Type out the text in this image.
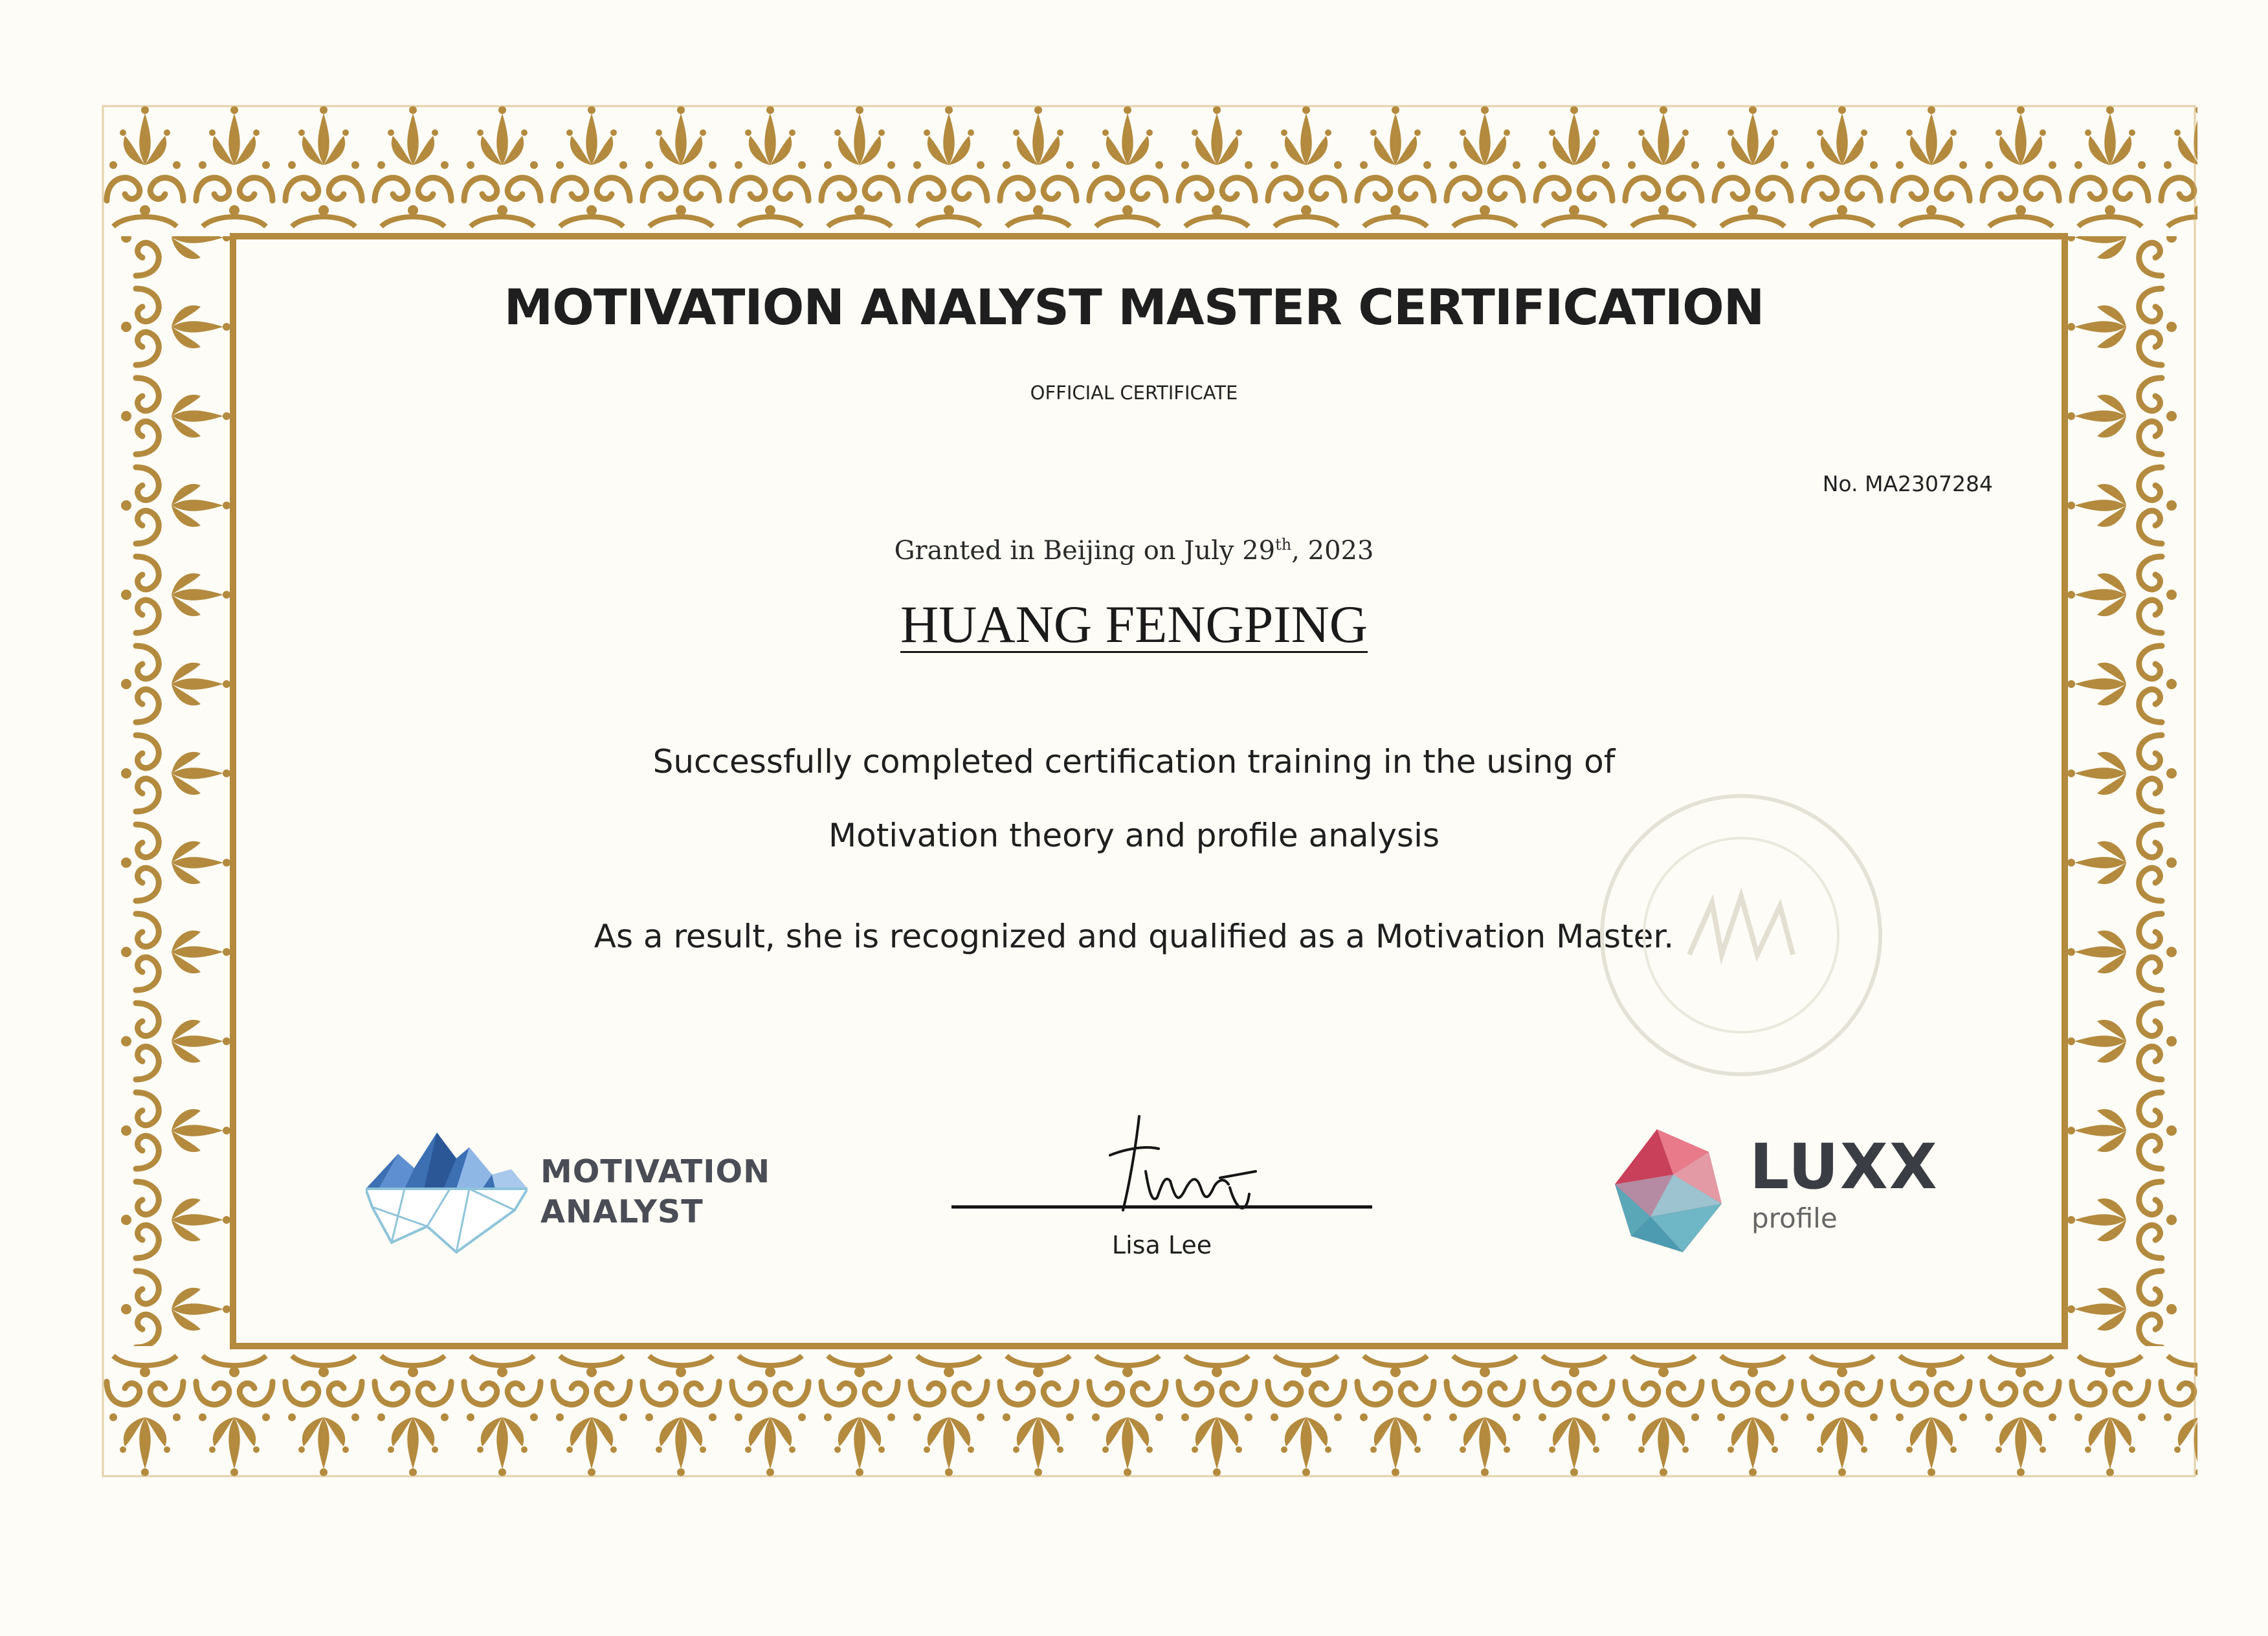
MOTIVATION ANALYST MASTER CERTIFICATION
OFFICIAL CERTIFICATE
No. MA2307284
Granted in Beijing on July 29th, 2023
HUANG FENGPING
Successfully completed certification training in the using of
Motivation theory and profile analysis
As a result, she is recognized and qualified as a Motivation Master.
MOTIVATION
ANALYST
Lisa Lee
LUXX
profile
